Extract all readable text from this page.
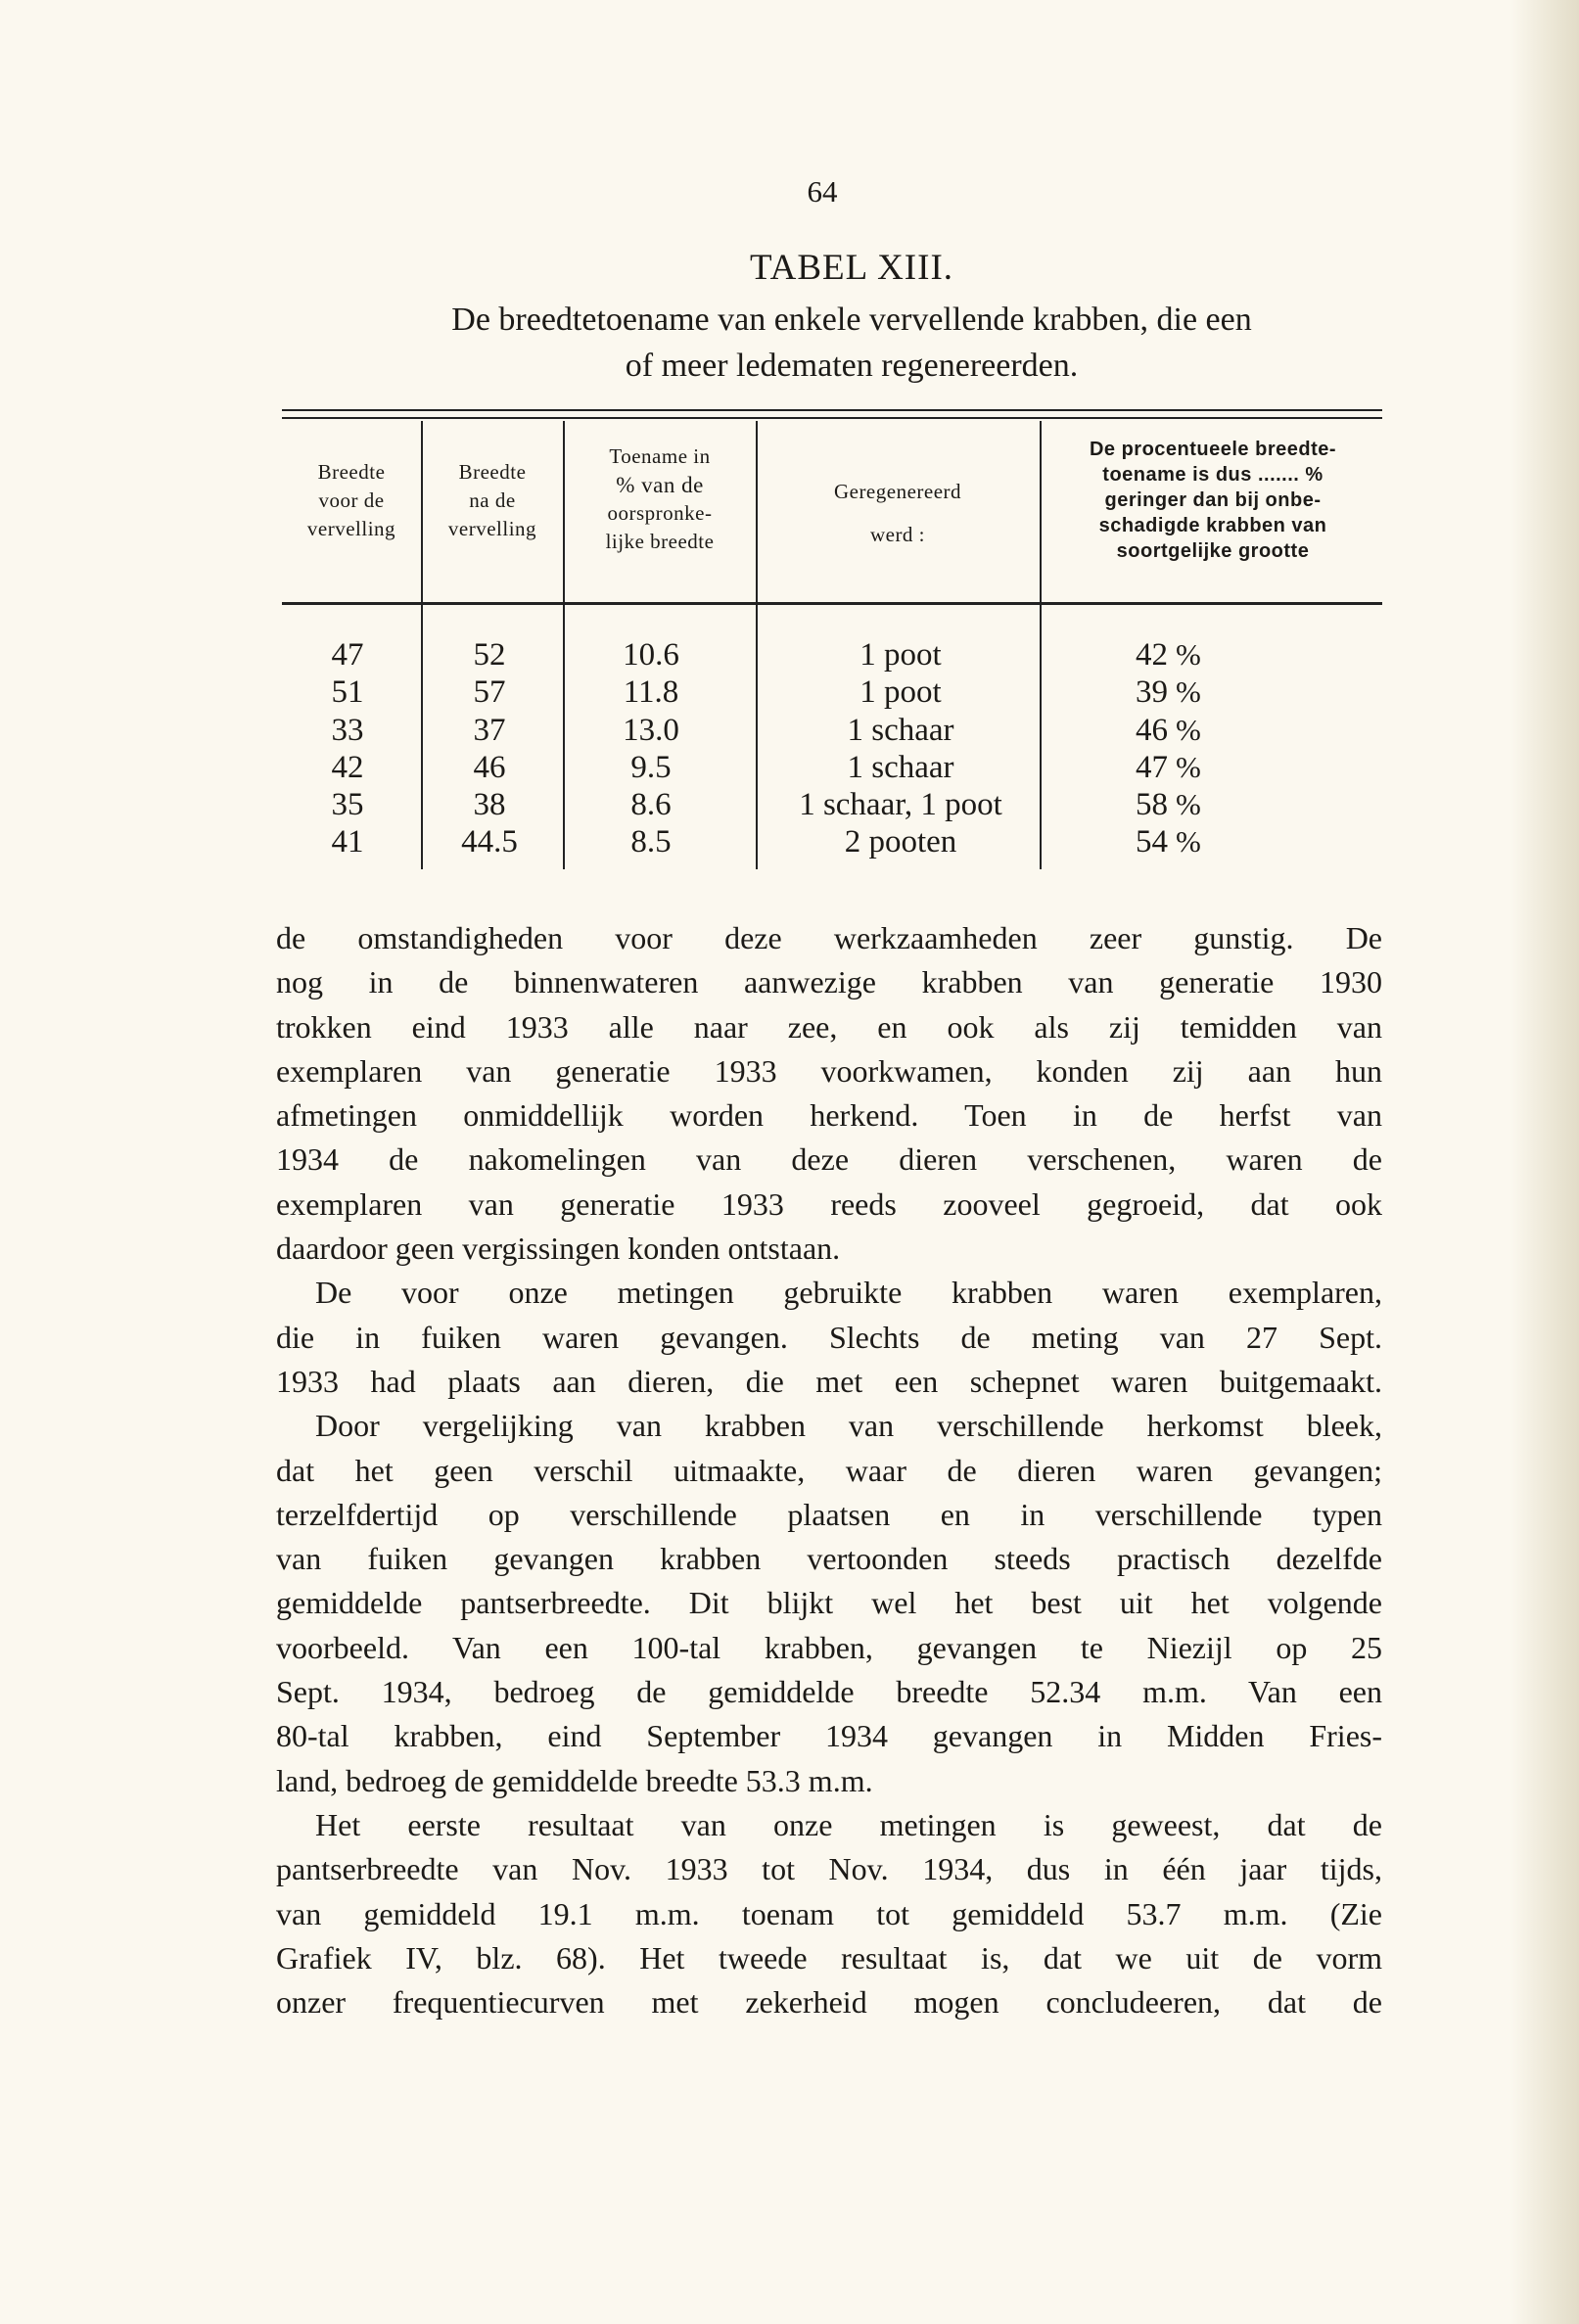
64
TABEL XIII.
De breedtetoename van enkele vervellende krabben, die een
of meer ledematen regenereerden.
Breedte
voor de
vervelling
Breedte
na de
vervelling
Toename in
% van de
oorspronke-
lijke breedte
Geregenereerd
werd :
De procentueele breedte-
toename is dus ....... %
geringer dan bij onbe-
schadigde krabben van
soortgelijke grootte
47
51
33
42
35
41
52
57
37
46
38
44.5
10.6
11.8
13.0
9.5
8.6
8.5
1 poot
1 poot
1 schaar
1 schaar
1 schaar, 1 poot
2 pooten
42 %
39 %
46 %
47 %
58 %
54 %
de omstandigheden voor deze werkzaamheden zeer gunstig. De
nog in de binnenwateren aanwezige krabben van generatie 1930
trokken eind 1933 alle naar zee, en ook als zij temidden van
exemplaren van generatie 1933 voorkwamen, konden zij aan hun
afmetingen onmiddellijk worden herkend. Toen in de herfst van
1934 de nakomelingen van deze dieren verschenen, waren de
exemplaren van generatie 1933 reeds zooveel gegroeid, dat ook
daardoor geen vergissingen konden ontstaan.
De voor onze metingen gebruikte krabben waren exemplaren,
die in fuiken waren gevangen. Slechts de meting van 27 Sept.
1933 had plaats aan dieren, die met een schepnet waren buitgemaakt.
Door vergelijking van krabben van verschillende herkomst bleek,
dat het geen verschil uitmaakte, waar de dieren waren gevangen;
terzelfdertijd op verschillende plaatsen en in verschillende typen
van fuiken gevangen krabben vertoonden steeds practisch dezelfde
gemiddelde pantserbreedte. Dit blijkt wel het best uit het volgende
voorbeeld. Van een 100-tal krabben, gevangen te Niezijl op 25
Sept. 1934, bedroeg de gemiddelde breedte 52.34 m.m. Van een
80-tal krabben, eind September 1934 gevangen in Midden Fries-
land, bedroeg de gemiddelde breedte 53.3 m.m.
Het eerste resultaat van onze metingen is geweest, dat de
pantserbreedte van Nov. 1933 tot Nov. 1934, dus in één jaar tijds,
van gemiddeld 19.1 m.m. toenam tot gemiddeld 53.7 m.m. (Zie
Grafiek IV, blz. 68). Het tweede resultaat is, dat we uit de vorm
onzer frequentiecurven met zekerheid mogen concludeeren, dat de
